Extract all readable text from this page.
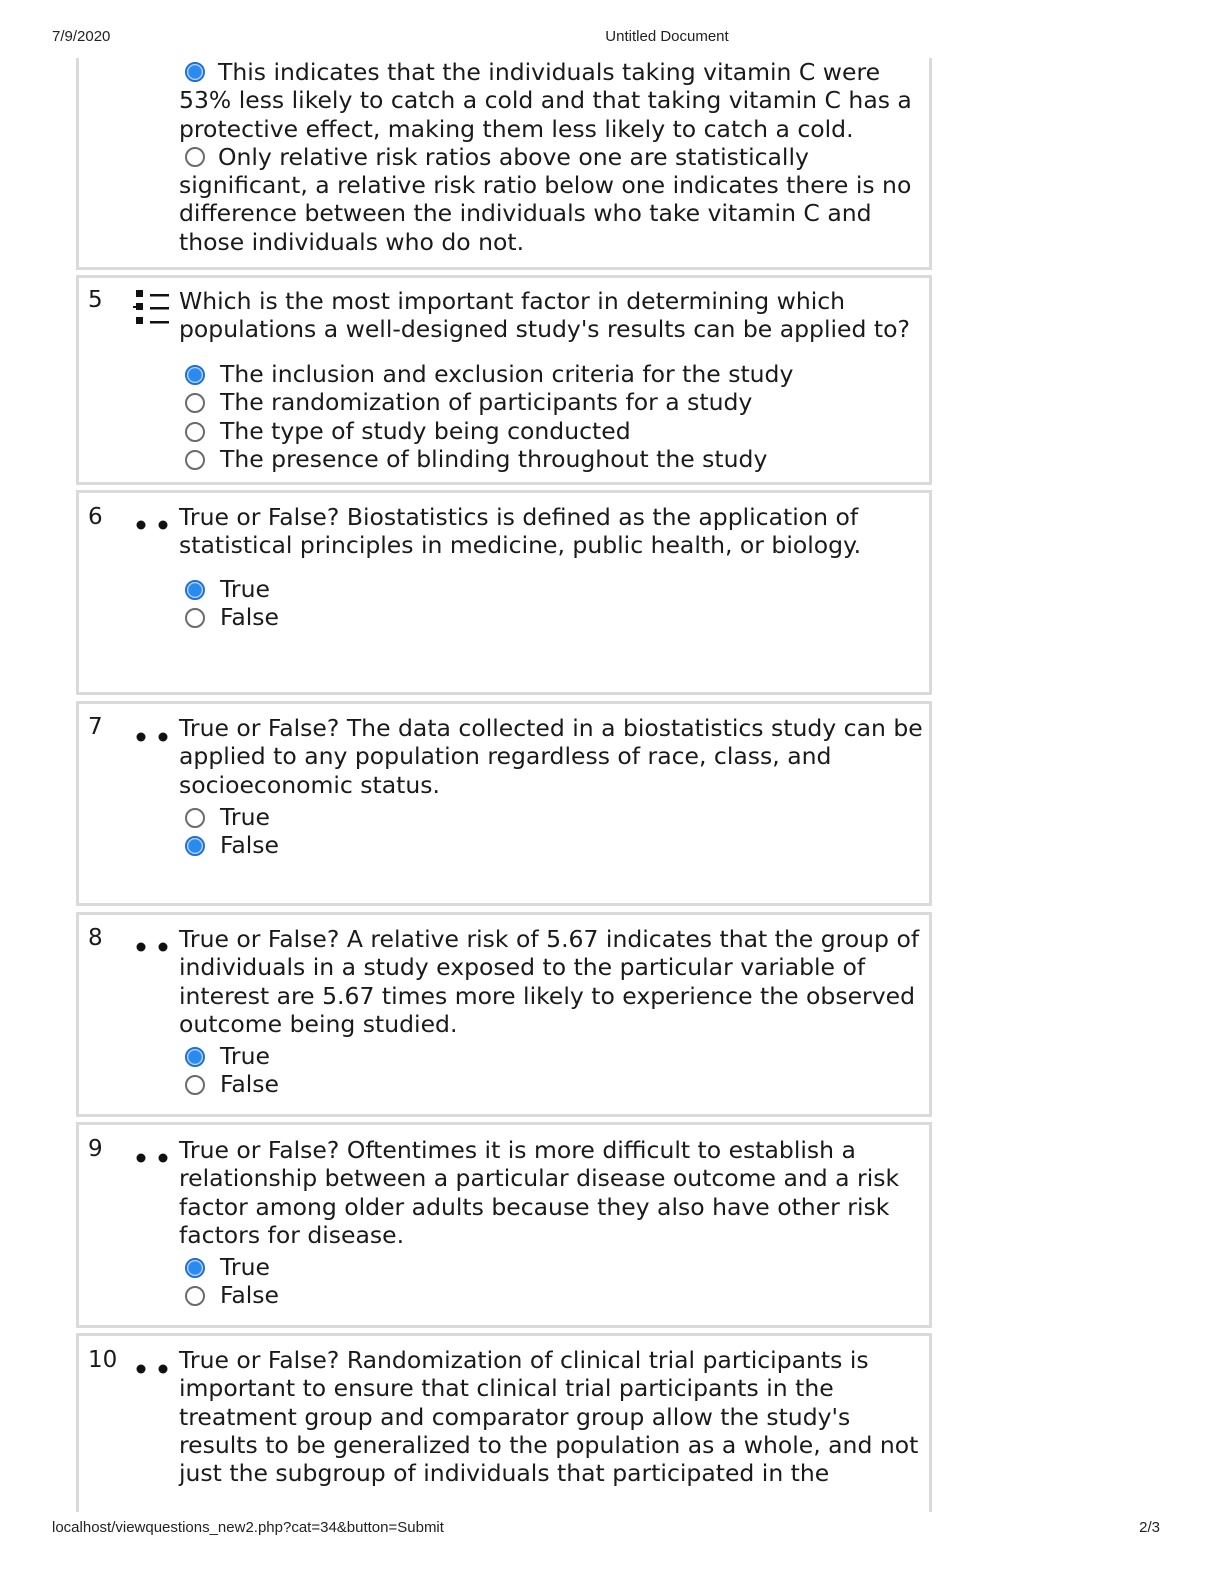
7/9/2020	Untitled Document
This indicates that the individuals taking vitamin C were 53% less likely to catch a cold and that taking vitamin C has a protective effect, making them less likely to catch a cold.
Only relative risk ratios above one are statistically significant, a relative risk ratio below one indicates there is no difference between the individuals who take vitamin C and those individuals who do not.
5	Which is the most important factor in determining which populations a well-designed study's results can be applied to?
The inclusion and exclusion criteria for the study
The randomization of participants for a study
The type of study being conducted
The presence of blinding throughout the study
6	True or False? Biostatistics is defined as the application of statistical principles in medicine, public health, or biology.
True
False
7	True or False? The data collected in a biostatistics study can be applied to any population regardless of race, class, and socioeconomic status.
True
False
8	True or False? A relative risk of 5.67 indicates that the group of individuals in a study exposed to the particular variable of interest are 5.67 times more likely to experience the observed outcome being studied.
True
False
9	True or False? Oftentimes it is more difficult to establish a relationship between a particular disease outcome and a risk factor among older adults because they also have other risk factors for disease.
True
False
10	True or False? Randomization of clinical trial participants is important to ensure that clinical trial participants in the treatment group and comparator group allow the study's results to be generalized to the population as a whole, and not just the subgroup of individuals that participated in the
localhost/viewquestions_new2.php?cat=34&button=Submit	2/3
